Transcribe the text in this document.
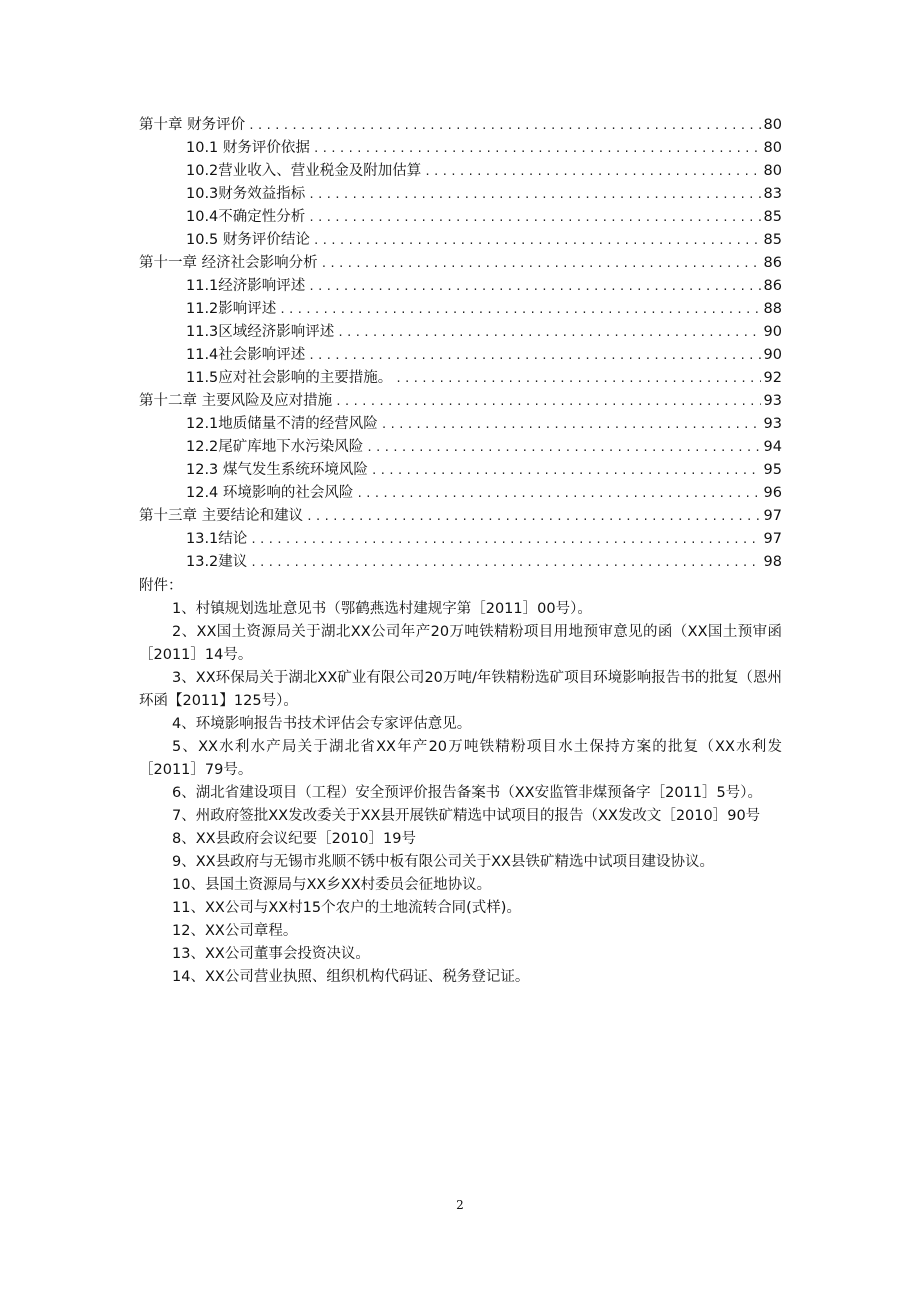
第十章 财务评价 .....	80
10.1 财务评价依据 .....	80
10.2营业收入、营业税金及附加估算 .....	80
10.3财务效益指标 .....	83
10.4不确定性分析 .....	85
10.5 财务评价结论 .....	85
第十一章 经济社会影响分析 .....	86
11.1经济影响评述 .....	86
11.2影响评述 .....	88
11.3区域经济影响评述 .....	90
11.4社会影响评述 .....	90
11.5应对社会影响的主要措施。 .....	92
第十二章 主要风险及应对措施 .....	93
12.1地质储量不清的经营风险 .....	93
12.2尾矿库地下水污染风险 .....	94
12.3 煤气发生系统环境风险 .....	95
12.4 环境影响的社会风险 .....	96
第十三章 主要结论和建议 .....	97
13.1结论 .....	97
13.2建议 .....	98
附件：
1、村镇规划选址意见书（鄂鹤燕选村建规字第［2011］00号）。
2、XX国土资源局关于湖北XX公司年产20万吨铁精粉项目用地预审意见的函（XX国土预审函［2011］14号。
3、XX环保局关于湖北XX矿业有限公司20万吨/年铁精粉选矿项目环境影响报告书的批复（恩州环函【2011】125号）。
4、环境影响报告书技术评估会专家评估意见。
5、XX水利水产局关于湖北省XX年产20万吨铁精粉项目水土保持方案的批复（XX水利发［2011］79号。
6、湖北省建设项目（工程）安全预评价报告备案书（XX安监管非煤预备字［2011］5号）。
7、州政府签批XX发改委关于XX县开展铁矿精选中试项目的报告（XX发改文［2010］90号
8、XX县政府会议纪要［2010］19号
9、XX县政府与无锡市兆顺不锈中板有限公司关于XX县铁矿精选中试项目建设协议。
10、县国土资源局与XX乡XX村委员会征地协议。
11、XX公司与XX村15个农户的土地流转合同(式样)。
12、XX公司章程。
13、XX公司董事会投资决议。
14、XX公司营业执照、组织机构代码证、税务登记证。
2
